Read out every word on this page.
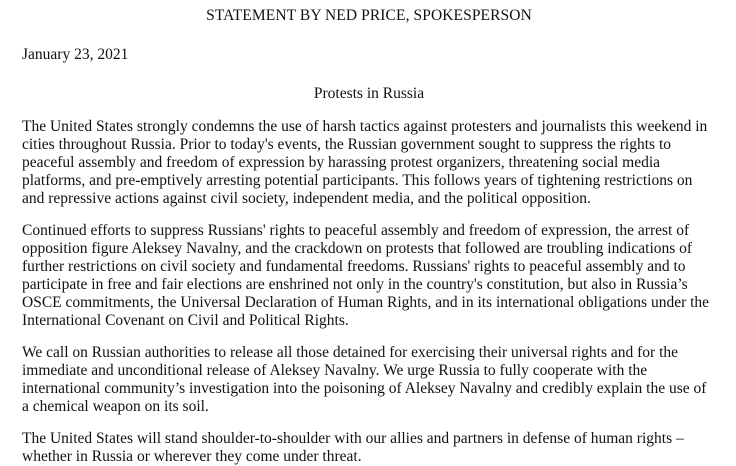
STATEMENT BY NED PRICE, SPOKESPERSON

January 23, 2021

Protests in Russia

The United States strongly condemns the use of harsh tactics against protesters and journalists this weekend in cities throughout Russia. Prior to today's events, the Russian government sought to suppress the rights to peaceful assembly and freedom of expression by harassing protest organizers, threatening social media platforms, and pre-emptively arresting potential participants. This follows years of tightening restrictions on and repressive actions against civil society, independent media, and the political opposition.

Continued efforts to suppress Russians' rights to peaceful assembly and freedom of expression, the arrest of opposition figure Aleksey Navalny, and the crackdown on protests that followed are troubling indications of further restrictions on civil society and fundamental freedoms. Russians' rights to peaceful assembly and to participate in free and fair elections are enshrined not only in the country's constitution, but also in Russia’s OSCE commitments, the Universal Declaration of Human Rights, and in its international obligations under the International Covenant on Civil and Political Rights.

We call on Russian authorities to release all those detained for exercising their universal rights and for the immediate and unconditional release of Aleksey Navalny. We urge Russia to fully cooperate with the international community’s investigation into the poisoning of Aleksey Navalny and credibly explain the use of a chemical weapon on its soil.

The United States will stand shoulder-to-shoulder with our allies and partners in defense of human rights – whether in Russia or wherever they come under threat.
